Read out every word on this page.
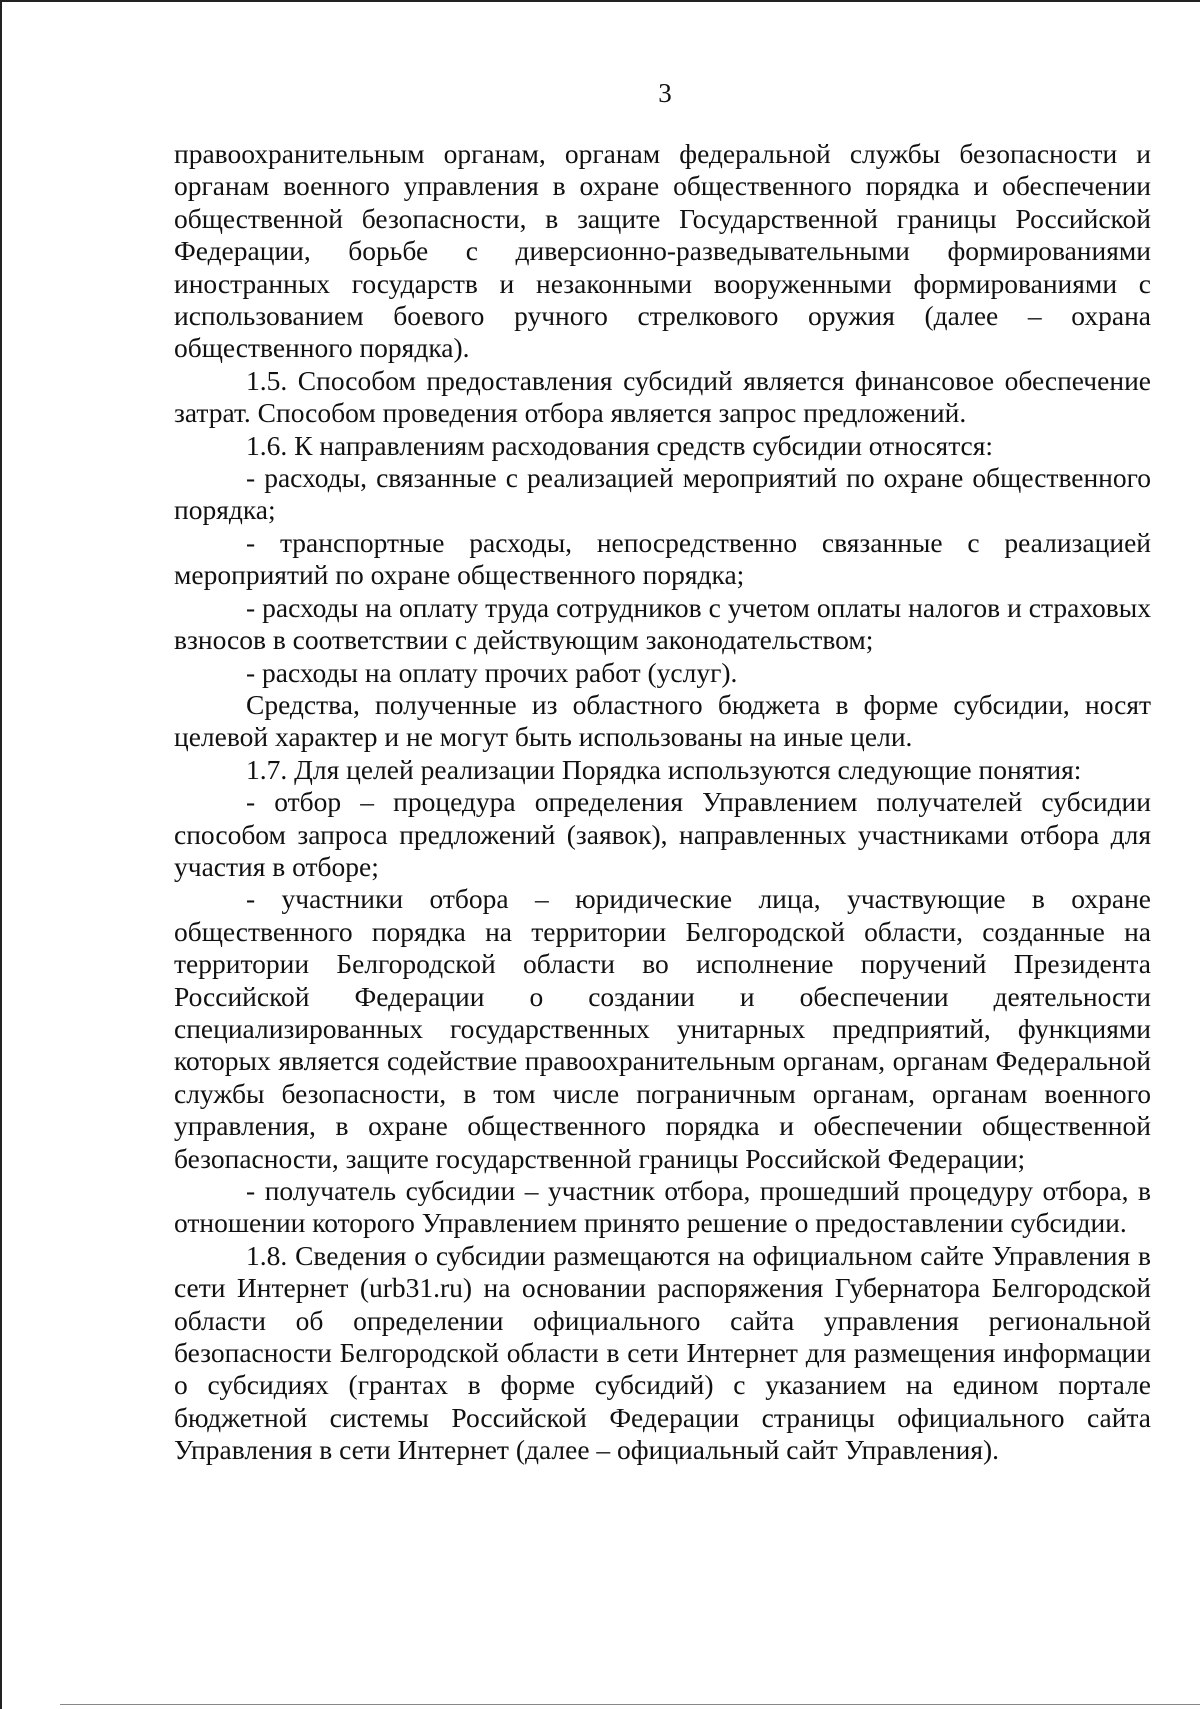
3

правоохранительным органам, органам федеральной службы безопасности и органам военного управления в охране общественного порядка и обеспечении общественной безопасности, в защите Государственной границы Российской Федерации, борьбе с диверсионно-разведывательными формированиями иностранных государств и незаконными вооруженными формированиями с использованием боевого ручного стрелкового оружия (далее – охрана общественного порядка).

1.5. Способом предоставления субсидий является финансовое обеспечение затрат. Способом проведения отбора является запрос предложений.

1.6. К направлениям расходования средств субсидии относятся:

- расходы, связанные с реализацией мероприятий по охране общественного порядка;

- транспортные расходы, непосредственно связанные с реализацией мероприятий по охране общественного порядка;

- расходы на оплату труда сотрудников с учетом оплаты налогов и страховых взносов в соответствии с действующим законодательством;

- расходы на оплату прочих работ (услуг).

Средства, полученные из областного бюджета в форме субсидии, носят целевой характер и не могут быть использованы на иные цели.

1.7. Для целей реализации Порядка используются следующие понятия:

- отбор – процедура определения Управлением получателей субсидии способом запроса предложений (заявок), направленных участниками отбора для участия в отборе;

- участники отбора – юридические лица, участвующие в охране общественного порядка на территории Белгородской области, созданные на территории Белгородской области во исполнение поручений Президента Российской Федерации о создании и обеспечении деятельности специализированных государственных унитарных предприятий, функциями которых является содействие правоохранительным органам, органам Федеральной службы безопасности, в том числе пограничным органам, органам военного управления, в охране общественного порядка и обеспечении общественной безопасности, защите государственной границы Российской Федерации;

- получатель субсидии – участник отбора, прошедший процедуру отбора, в отношении которого Управлением принято решение о предоставлении субсидии.

1.8. Сведения о субсидии размещаются на официальном сайте Управления в сети Интернет (urb31.ru) на основании распоряжения Губернатора Белгородской области об определении официального сайта управления региональной безопасности Белгородской области в сети Интернет для размещения информации о субсидиях (грантах в форме субсидий) с указанием на едином портале бюджетной системы Российской Федерации страницы официального сайта Управления в сети Интернет (далее – официальный сайт Управления).
